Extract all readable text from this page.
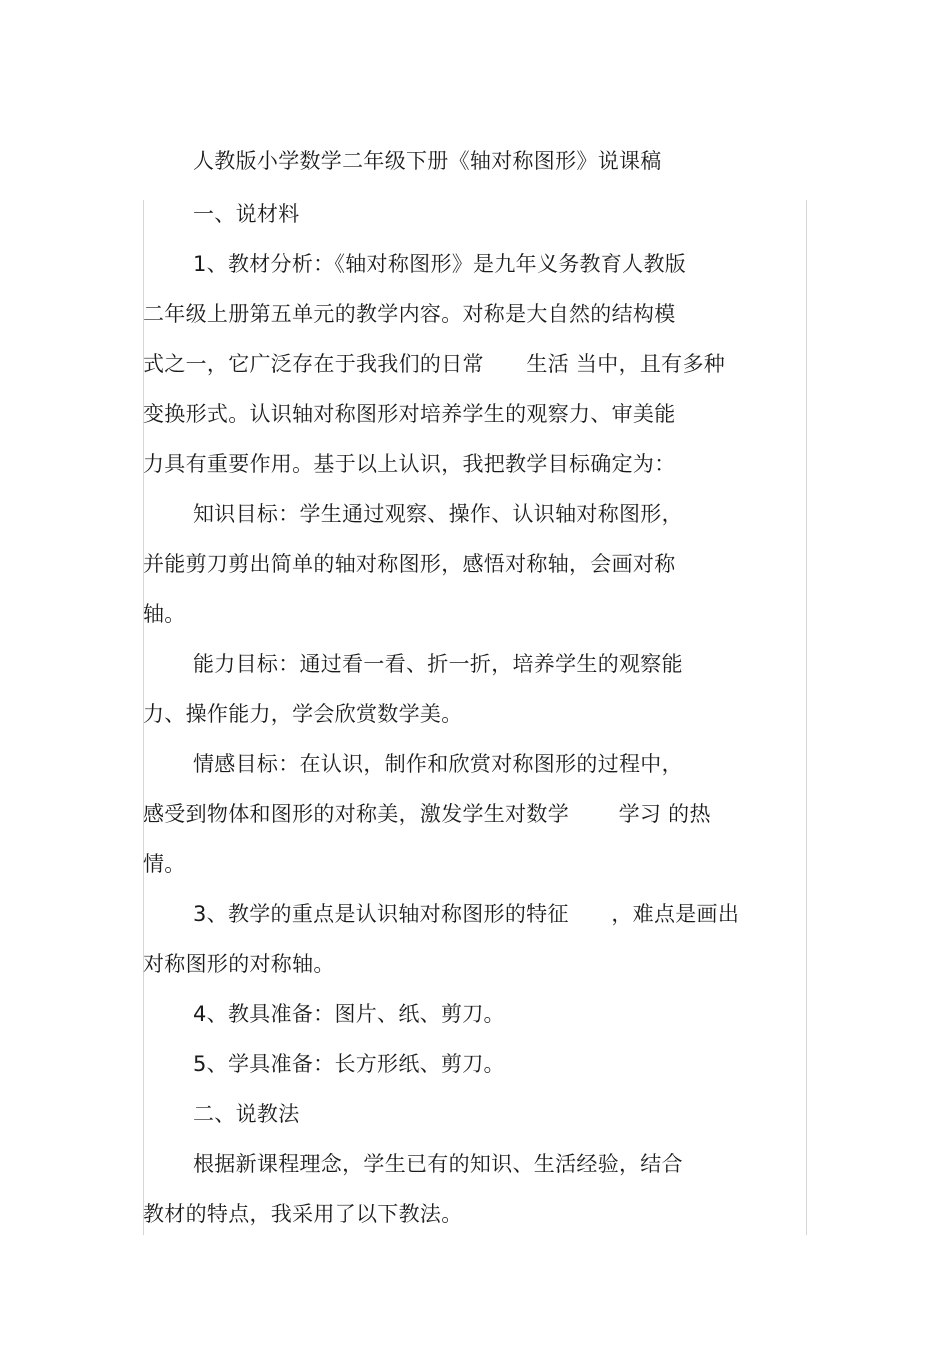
人教版小学数学二年级下册《轴对称图形》说课稿
一、说材料
1、教材分析：《轴对称图形》是九年义务教育人教版
二年级上册第五单元的教学内容。对称是大自然的结构模
式之一，它广泛存在于我我们的日常　　生活 当中，且有多种
变换形式。认识轴对称图形对培养学生的观察力、审美能
力具有重要作用。基于以上认识，我把教学目标确定为：
知识目标：学生通过观察、操作、认识轴对称图形，
并能剪刀剪出简单的轴对称图形，感悟对称轴，会画对称
轴。
能力目标：通过看一看、折一折，培养学生的观察能
力、操作能力，学会欣赏数学美。
情感目标：在认识，制作和欣赏对称图形的过程中，
感受到物体和图形的对称美，激发学生对数学　　 学习 的热
情。
3、教学的重点是认识轴对称图形的特征　　，难点是画出
对称图形的对称轴。
4、教具准备：图片、纸、剪刀。
5、学具准备：长方形纸、剪刀。
二、说教法
根据新课程理念，学生已有的知识、生活经验，结合
教材的特点，我采用了以下教法。
